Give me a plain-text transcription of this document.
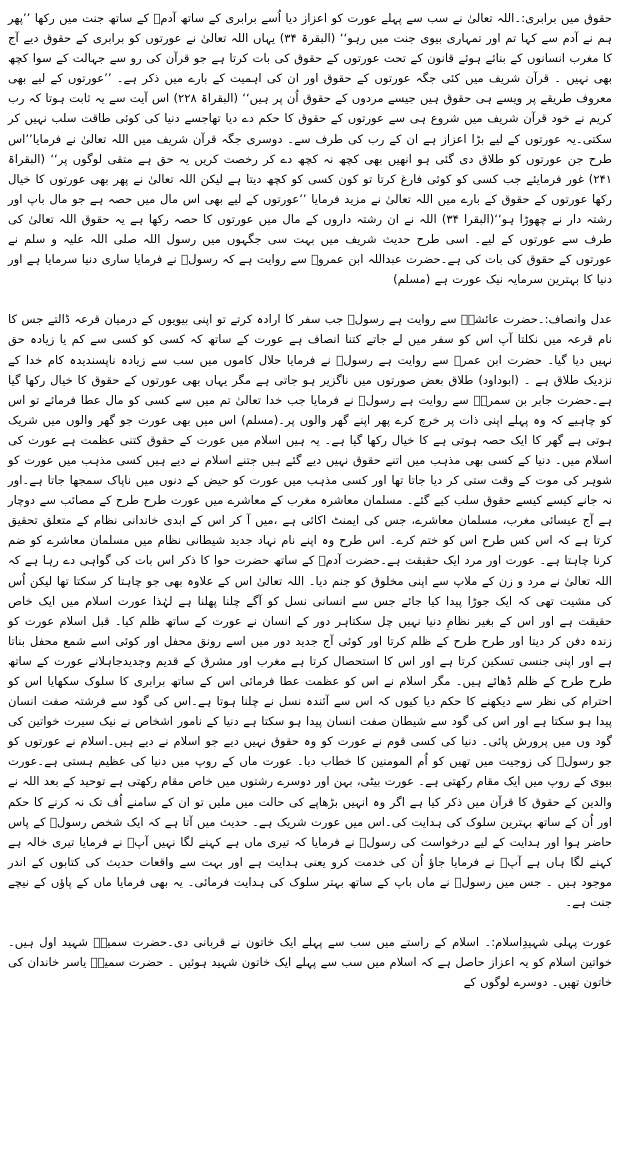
حقوق میں برابری:۔اللہ تعالیٰ نے سب سے پہلے عورت کو اعزاز دیا اُسے برابری کے ساتھ آدمؑ کے ساتھ جنت میں رکھا ’’پھر ہم نے آدم سے کہا تم اور تمہاری بیوی جنت میں رہو‘‘ (البقرۃ ۳۴) یہاں اللہ تعالیٰ نے عورتوں کو برابری کے حقوق دیے آج کا مغرب انسانوں کے بنائے ہوئے قانون کے تحت عورتوں کے حقوق کی بات کرتا ہے جو قرآن کی رو سے جہالت کے سوا کچھ بھی نہیں ۔ قرآن شریف میں کئی جگہ عورتوں کے حقوق اور ان کی اہمیت کے بارے میں ذکر ہے۔ ’’عورتوں کے لیے بھی معروف طریقے پر ویسے ہی حقوق ہیں جیسے مردوں کے حقوق اُن پر ہیں‘‘ (البقراۃ ۲۲۸) اس آیت سے یہ ثابت ہوتا کہ رب کریم نے خود قرآن شریف میں شروع ہی سے عورتوں کے حقوق کا حکم دے دیا تھاجسے دنیا کی کوئی طاقت سلب نہیں کر سکتی۔یہ عورتوں کے لیے بڑا اعزاز ہے ان کے رب کی طرف سے۔ دوسری جگہ قرآن شریف میں اللہ تعالیٰ نے فرمایا’’اس طرح جن عورتوں کو طلاق دی گئی ہو انھیں بھی کچھ نہ کچھ دے کر رخصت کریں یہ حق ہے متقی لوگوں پر‘‘ (البقراۃ ۲۴۱) غور فرمایئے جب کسی کو کوئی فارغ کرتا تو کون کسی کو کچھ دیتا ہے لیکن اللہ تعالیٰ نے پھر بھی عورتوں کا خیال رکھا عورتوں کے حقوق کے بارے میں اللہ تعالیٰ نے مزید فرمایا ’’عورتوں کے لیے بھی اس مال میں حصہ ہے جو مال باپ اور رشتہ دار نے چھوڑا ہو‘‘(البقرا ۳۴) اللہ نے ان رشتہ داروں کے مال میں عورتوں کا حصہ رکھا ہے یہ حقوق اللہ تعالیٰ کی طرف سے عورتوں کے لیے۔ اسی طرح حدیث شریف میں بہت سی جگہوں میں رسول اللہ صلی اللہ علیہ و سلم نے عورتوں کے حقوق کی بات کی ہے۔حضرت عبداللہ ابن عمروؓ سے روایت ہے کہ رسولؐ نے فرمایا ساری دنیا سرمایا ہے اور دنیا کا بہترین سرمایہ نیک عورت ہے (مسلم)

عدل وانصاف:۔حضرت عائشہؓ سے روایت ہے رسولؐ جب سفر کا ارادہ کرتے تو اپنی بیویوں کے درمیان قرعہ ڈالتے جس کا نام قرعہ میں نکلتا آپ اس کو سفر میں لے جاتے کتنا انصاف ہے عورت کے ساتھ کہ کسی کو کسی سے کم یا زیادہ حق نہیں دیا گیا۔ حضرت ابن عمرؓ سے روایت ہے رسولؐ نے فرمایا حلال کاموں میں سب سے زیادہ ناپسندیدہ کام خدا کے نزدیک طلاق ہے ۔ (ابوداود) طلاق بعض صورتوں میں ناگزیر ہو جاتی ہے مگر یہاں بھی عورتوں کے حقوق کا خیال رکھا گیا ہے۔حضرت جابر بن سمرہؓ سے روایت ہے رسولؐ نے فرمایا جب خدا تعالیٰ تم میں سے کسی کو مال عطا فرمائے تو اس کو چاہیے کہ وہ پہلے اپنی ذات پر خرچ کرے پھر اپنے گھر والوں پر۔(مسلم) اس میں بھی عورت جو گھر والوں میں شریک ہوتی ہے گھر کا ایک حصہ ہوتی ہے کا خیال رکھا گیا ہے۔ یہ ہیں اسلام میں عورت کے حقوق کتنی عظمت ہے عورت کی اسلام میں۔ دنیا کے کسی بھی مذہب میں اتنے حقوق نہیں دیے گئے ہیں جتنے اسلام نے دیے ہیں کسی مذہب میں عورت کو شوہر کی موت کے وقت ستی کر دیا جاتا تھا اور کسی مذہب میں عورت کو حیض کے دنوں میں ناپاک سمجھا جاتا ہے۔اور نہ جانے کیسے کیسے حقوق سلب کیے گئے۔ مسلمان معاشرہ مغرب کے معاشرے میں عورت طرح طرح کے مصائب سے دوچار ہے آج عیسائی مغرب، مسلمان معاشرے، جس کی ایمنٹ اکائی ہے ،میں آ کر اس کے ابدی خاندانی نظام کے متعلق تحقیق کرتا ہے کہ اس کس طرح اس کو ختم کرے۔ اس طرح وہ اپنے نام نہاد جدید شیطانی نظام میں مسلمان معاشرے کو ضم کرنا چاہتا ہے۔ عورت اور مرد ایک حقیقت ہے۔حضرت آدمؑ کے ساتھ حضرت حوا کا ذکر اس بات کی گواہی دے رہا ہے کہ اللہ تعالیٰ نے مرد و زن کے ملاپ سے اپنی مخلوق کو جنم دیا۔ اللہ تعالیٰ اس کے علاوہ بھی جو چاہتا کر سکتا تھا لیکن اُس کی مشیت تھی کہ ایک جوڑا پیدا کیا جائے جس سے انسانی نسل کو آگے چلنا پھلنا ہے لہٰذا عورت اسلام میں ایک خاص حقیقت ہے اور اس کے بغیر نظامِ دنیا نہیں چل سکتاہر دور کے انسان نے عورت کے ساتھ ظلم کیا۔ قبل اسلام عورت کو زندہ دفن کر دیتا اور طرح طرح کے ظلم کرتا اور کوئی آج جدید دور میں اسے رونق محفل اور کوئی اسے شمع محفل بناتا ہے اور اپنی جنسی تسکین کرتا ہے اور اس کا استحصال کرتا ہے مغرب اور مشرق کے قدیم وجدیدجاہلانے عورت کے ساتھ طرح طرح کے ظلم ڈھائے ہیں۔ مگر اسلام نے اس کو عظمت عطا فرمائی اس کے ساتھ برابری کا سلوک سکھایا اس کو احترام کی نظر سے دیکھنے کا حکم دیا کیوں کہ اس سے آئندہ نسل نے چلنا ہوتا ہے۔اس کی گود سے فرشتہ صفت انسان پیدا ہو سکتا ہے اور اس کی گود سے شیطان صفت انسان پیدا ہو سکتا ہے دنیا کے نامور اشخاص نے نیک سیرت خواتین کی گود وں میں پرورش پائی۔ دنیا کی کسی قوم نے عورت کو وہ حقوق نہیں دیے جو اسلام نے دیے ہیں۔اسلام نے عورتوں کو جو رسولؐ کی زوجیت میں تھیں کو اُم المومنین کا خطاب دیا۔ عورت ماں کے روپ میں دنیا کی عظیم ہستی ہے۔عورت بیوی کے روپ میں ایک مقام رکھتی ہے۔ عورت بیٹی، بہن اور دوسرے رشتوں میں خاص مقام رکھتی ہے توحید کے بعد اللہ نے والدین کے حقوق کا قرآن میں ذکر کیا ہے اگر وہ انہیں بڑھاپے کی حالت میں ملیں تو ان کے سامنے اُف تک نہ کرنے کا حکم اور اُن کے ساتھ بہترین سلوک کی ہدایت کی۔اس میں عورت شریک ہے۔ حدیث میں آتا ہے کہ ایک شخص رسولؐ کے پاس حاضر ہوا اور ہدایت کے لیے درخواست کی رسولؐ نے فرمایا کہ تیری ماں ہے کہنے لگا نہیں آپؐ نے فرمایا تیری خالہ ہے کہنے لگا ہاں ہے آپؐ نے فرمایا جاؤ اُن کی خدمت کرو یعنی ہدایت ہے اور بہت سے واقعات حدیث کی کتابوں کے اندر موجود ہیں ۔ جس میں رسولؐ نے ماں باپ کے ساتھ بہتر سلوک کی ہدایت فرمائی۔ یہ بھی فرمایا ماں کے پاؤں کے نیچے جنت ہے۔

عورت پہلی شہیدِاسلام:۔ اسلام کے راستے میں سب سے پہلے ایک خاتون نے قربانی دی۔حضرت سمیہؓ شہید اول ہیں۔خواتین اسلام کو یہ اعزاز حاصل ہے کہ اسلام میں سب سے پہلے ایک خاتون شہید ہوئیں ۔ حضرت سمیہؓ یاسر خاندان کی خاتون تھیں۔ دوسرے لوگوں کے
